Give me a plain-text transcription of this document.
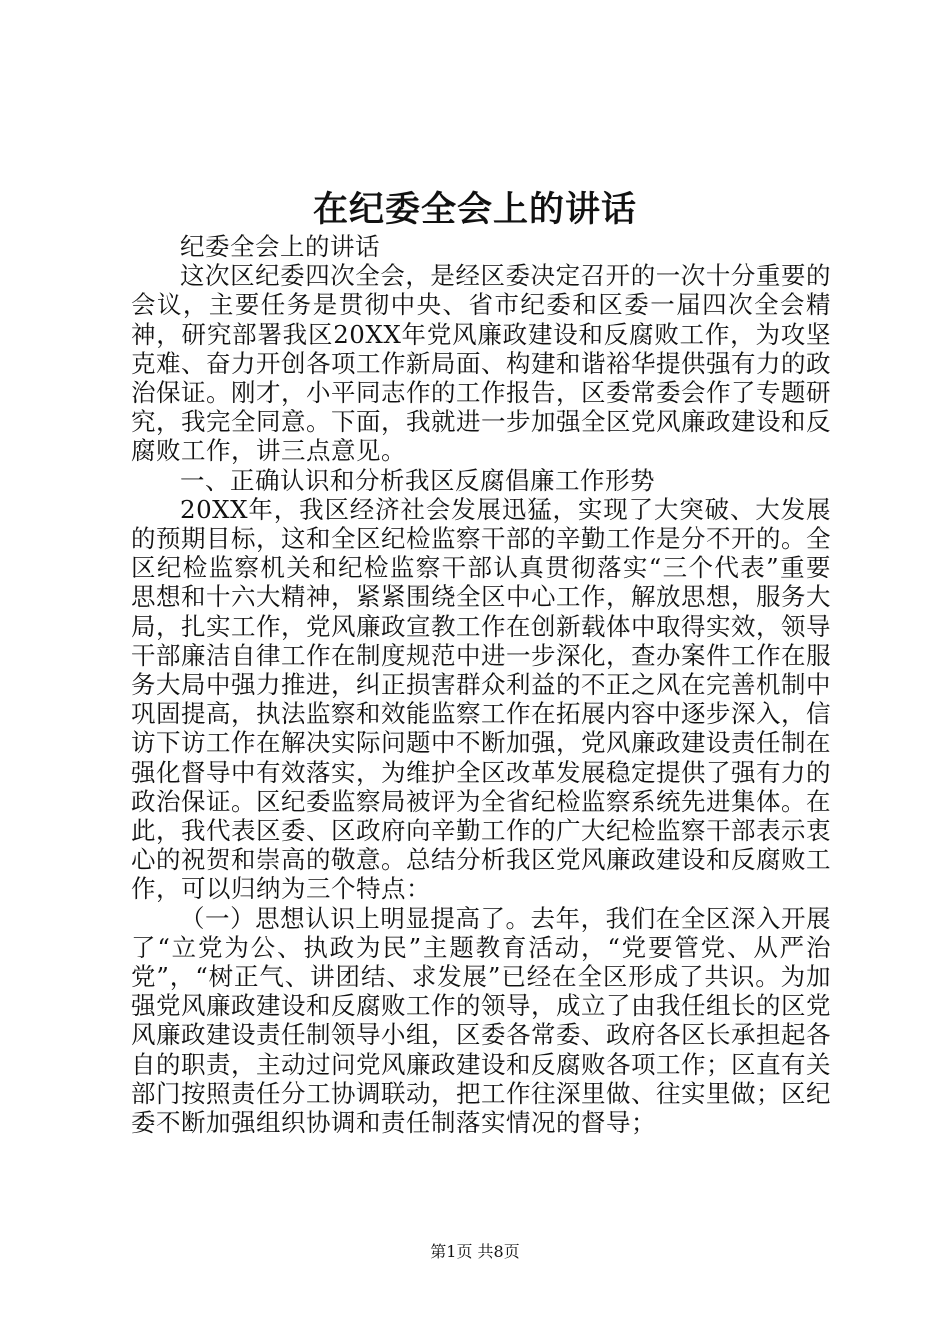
在纪委全会上的讲话

纪委全会上的讲话

这次区纪委四次全会，是经区委决定召开的一次十分重要的会议，主要任务是贯彻中央、省市纪委和区委一届四次全会精神，研究部署我区20XX年党风廉政建设和反腐败工作，为攻坚克难、奋力开创各项工作新局面、构建和谐裕华提供强有力的政治保证。刚才，小平同志作的工作报告，区委常委会作了专题研究，我完全同意。下面，我就进一步加强全区党风廉政建设和反腐败工作，讲三点意见。

一、正确认识和分析我区反腐倡廉工作形势

20XX年，我区经济社会发展迅猛，实现了大突破、大发展的预期目标，这和全区纪检监察干部的辛勤工作是分不开的。全区纪检监察机关和纪检监察干部认真贯彻落实“三个代表”重要思想和十六大精神，紧紧围绕全区中心工作，解放思想，服务大局，扎实工作，党风廉政宣教工作在创新载体中取得实效，领导干部廉洁自律工作在制度规范中进一步深化，查办案件工作在服务大局中强力推进，纠正损害群众利益的不正之风在完善机制中巩固提高，执法监察和效能监察工作在拓展内容中逐步深入，信访下访工作在解决实际问题中不断加强，党风廉政建设责任制在强化督导中有效落实，为维护全区改革发展稳定提供了强有力的政治保证。区纪委监察局被评为全省纪检监察系统先进集体。在此，我代表区委、区政府向辛勤工作的广大纪检监察干部表示衷心的祝贺和崇高的敬意。总结分析我区党风廉政建设和反腐败工作，可以归纳为三个特点：

（一）思想认识上明显提高了。去年，我们在全区深入开展了“立党为公、执政为民”主题教育活动，“党要管党、从严治党”，“树正气、讲团结、求发展”已经在全区形成了共识。为加强党风廉政建设和反腐败工作的领导，成立了由我任组长的区党风廉政建设责任制领导小组，区委各常委、政府各区长承担起各自的职责，主动过问党风廉政建设和反腐败各项工作；区直有关部门按照责任分工协调联动，把工作往深里做、往实里做；区纪委不断加强组织协调和责任制落实情况的督导；

第1页 共8页
